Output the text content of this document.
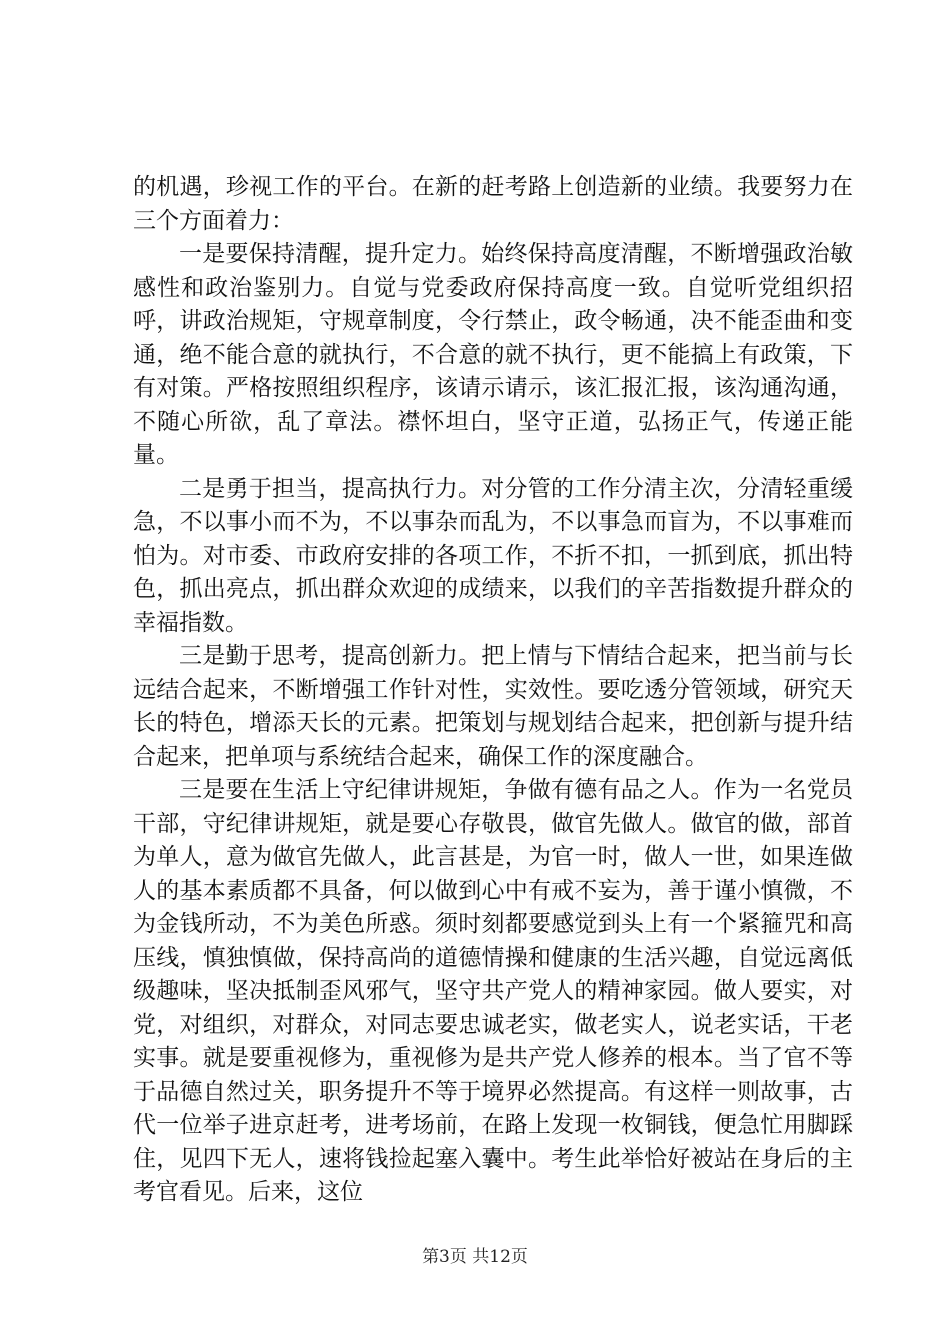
的机遇，珍视工作的平台。在新的赶考路上创造新的业绩。我要努力在三个方面着力：

一是要保持清醒，提升定力。始终保持高度清醒，不断增强政治敏感性和政治鉴别力。自觉与党委政府保持高度一致。自觉听党组织招呼，讲政治规矩，守规章制度，令行禁止，政令畅通，决不能歪曲和变通，绝不能合意的就执行，不合意的就不执行，更不能搞上有政策，下有对策。严格按照组织程序，该请示请示，该汇报汇报，该沟通沟通，不随心所欲，乱了章法。襟怀坦白，坚守正道，弘扬正气，传递正能量。

二是勇于担当，提高执行力。对分管的工作分清主次，分清轻重缓急，不以事小而不为，不以事杂而乱为，不以事急而盲为，不以事难而怕为。对市委、市政府安排的各项工作，不折不扣，一抓到底，抓出特色，抓出亮点，抓出群众欢迎的成绩来，以我们的辛苦指数提升群众的幸福指数。

三是勤于思考，提高创新力。把上情与下情结合起来，把当前与长远结合起来，不断增强工作针对性，实效性。要吃透分管领域，研究天长的特色，增添天长的元素。把策划与规划结合起来，把创新与提升结合起来，把单项与系统结合起来，确保工作的深度融合。

三是要在生活上守纪律讲规矩，争做有德有品之人。作为一名党员干部，守纪律讲规矩，就是要心存敬畏，做官先做人。做官的做，部首为单人，意为做官先做人，此言甚是，为官一时，做人一世，如果连做人的基本素质都不具备，何以做到心中有戒不妄为，善于谨小慎微，不为金钱所动，不为美色所惑。须时刻都要感觉到头上有一个紧箍咒和高压线，慎独慎做，保持高尚的道德情操和健康的生活兴趣，自觉远离低级趣味，坚决抵制歪风邪气，坚守共产党人的精神家园。做人要实，对党，对组织，对群众，对同志要忠诚老实，做老实人，说老实话，干老实事。就是要重视修为，重视修为是共产党人修养的根本。当了官不等于品德自然过关，职务提升不等于境界必然提高。有这样一则故事，古代一位举子进京赶考，进考场前，在路上发现一枚铜钱，便急忙用脚踩住，见四下无人，速将钱捡起塞入囊中。考生此举恰好被站在身后的主考官看见。后来，这位

第3页 共12页
